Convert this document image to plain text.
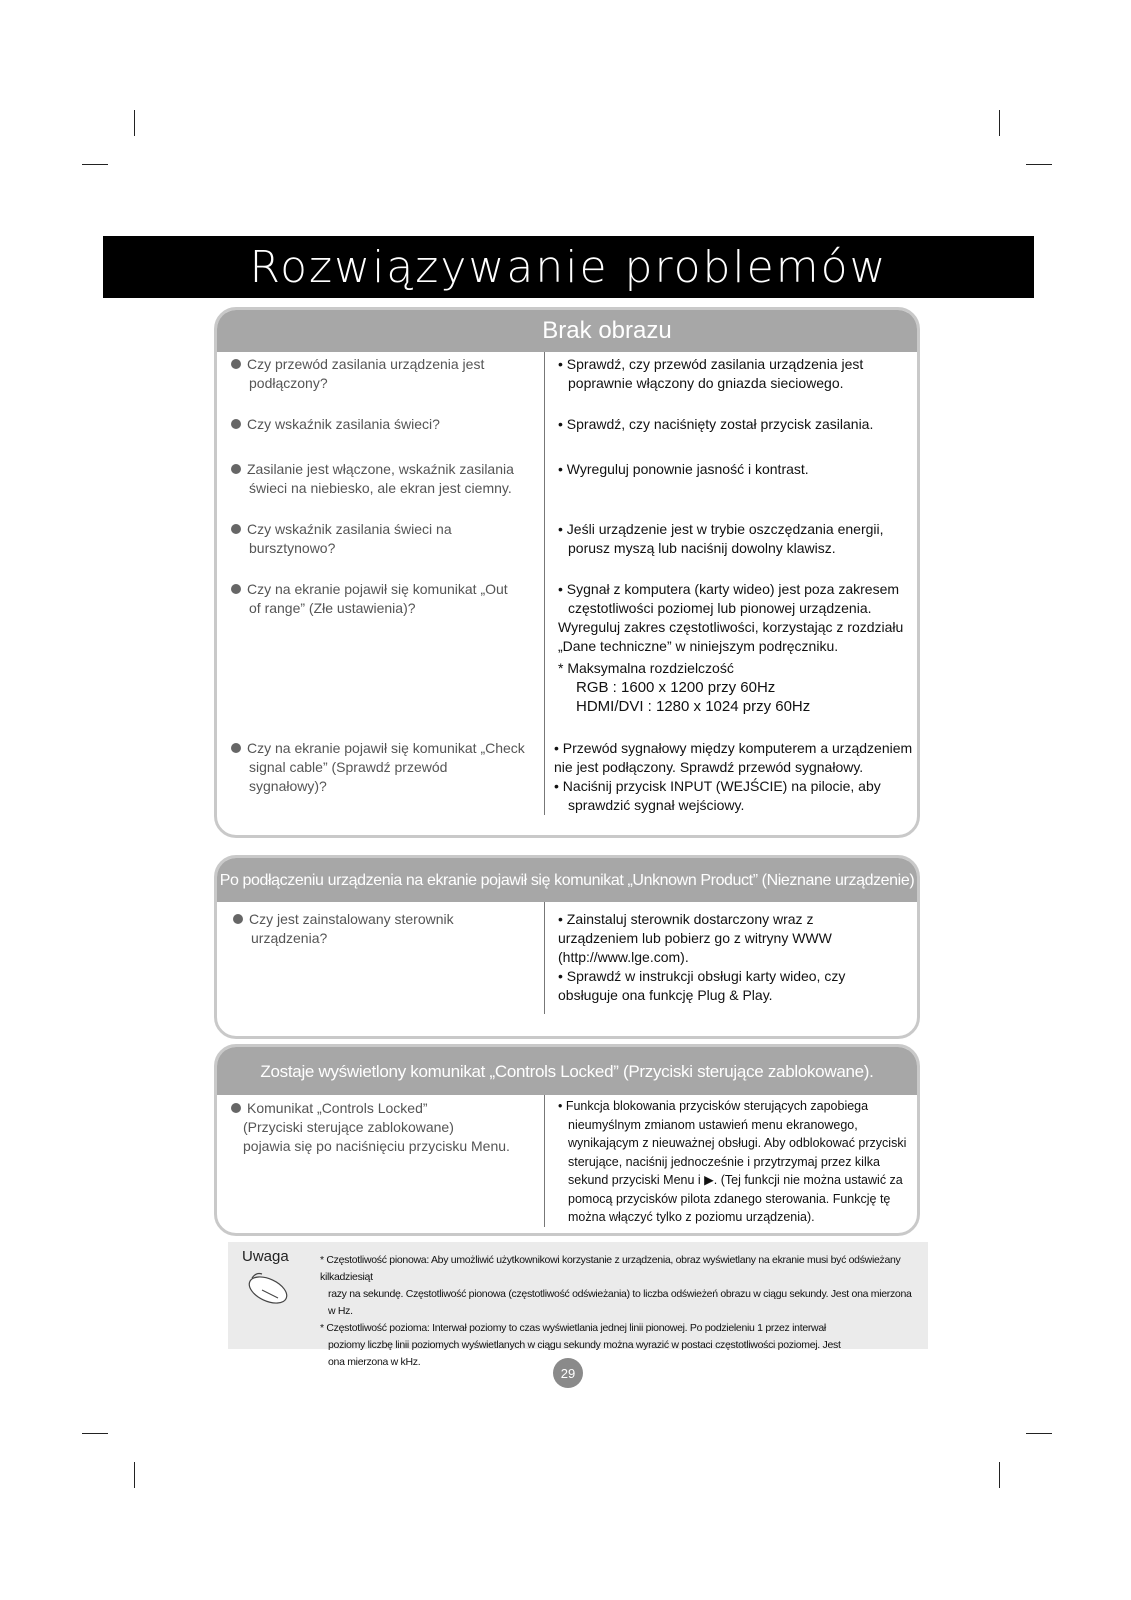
Rozwiązywanie problemów
Brak obrazu
Czy przewód zasilania urządzenia jest
podłączony?
• Sprawdź, czy przewód zasilania urządzenia jest
poprawnie włączony do gniazda sieciowego.
Czy wskaźnik zasilania świeci?	• Sprawdź, czy naciśnięty został przycisk zasilania.
Zasilanie jest włączone, wskaźnik zasilania
świeci na niebiesko, ale ekran jest ciemny.
• Wyreguluj ponownie jasność i kontrast.
Czy wskaźnik zasilania świeci na
bursztynowo?
• Jeśli urządzenie jest w trybie oszczędzania energii,
porusz myszą lub naciśnij dowolny klawisz.
Czy na ekranie pojawił się komunikat „Out
of range” (Złe ustawienia)?
• Sygnał z komputera (karty wideo) jest poza zakresem
częstotliwości poziomej lub pionowej urządzenia.
Wyreguluj zakres częstotliwości, korzystając z rozdziału
„Dane techniczne” w niniejszym podręczniku.
* Maksymalna rozdzielczość
RGB : 1600 x 1200 przy 60Hz
HDMI/DVI : 1280 x 1024 przy 60Hz
Czy na ekranie pojawił się komunikat „Check
signal cable” (Sprawdź przewód
sygnałowy)?
• Przewód sygnałowy między komputerem a urządzeniem
nie jest podłączony. Sprawdź przewód sygnałowy.
• Naciśnij przycisk INPUT (WEJŚCIE) na pilocie, aby
sprawdzić sygnał wejściowy.
Po podłączeniu urządzenia na ekranie pojawił się komunikat „Unknown Product” (Nieznane urządzenie)
Czy jest zainstalowany sterownik
urządzenia?
• Zainstaluj sterownik dostarczony wraz z
urządzeniem lub pobierz go z witryny WWW
(http://www.lge.com).
• Sprawdź w instrukcji obsługi karty wideo, czy
obsługuje ona funkcję Plug & Play.
Zostaje wyświetlony komunikat „Controls Locked” (Przyciski sterujące zablokowane).
Komunikat „Controls Locked”
(Przyciski sterujące zablokowane)
pojawia się po naciśnięciu przycisku Menu.
• Funkcja blokowania przycisków sterujących zapobiega
nieumyślnym zmianom ustawień menu ekranowego,
wynikającym z nieuważnej obsługi. Aby odblokować przyciski
sterujące, naciśnij jednocześnie i przytrzymaj przez kilka
sekund przyciski Menu i ▶. (Tej funkcji nie można ustawić za
pomocą przycisków pilota zdanego sterowania. Funkcję tę
można włączyć tylko z poziomu urządzenia).
Uwaga	* Częstotliwość pionowa: Aby umożliwić użytkownikowi korzystanie z urządzenia, obraz wyświetlany na ekranie musi być odświeżany kilkadziesiąt
razy na sekundę. Częstotliwość pionowa (częstotliwość odświeżania) to liczba odświeżeń obrazu w ciągu sekundy. Jest ona mierzona w Hz.
* Częstotliwość pozioma: Interwał poziomy to czas wyświetlania jednej linii pionowej. Po podzieleniu 1 przez interwał
poziomy liczbę linii poziomych wyświetlanych w ciągu sekundy można wyrazić w postaci częstotliwości poziomej. Jest
ona mierzona w kHz.
29
